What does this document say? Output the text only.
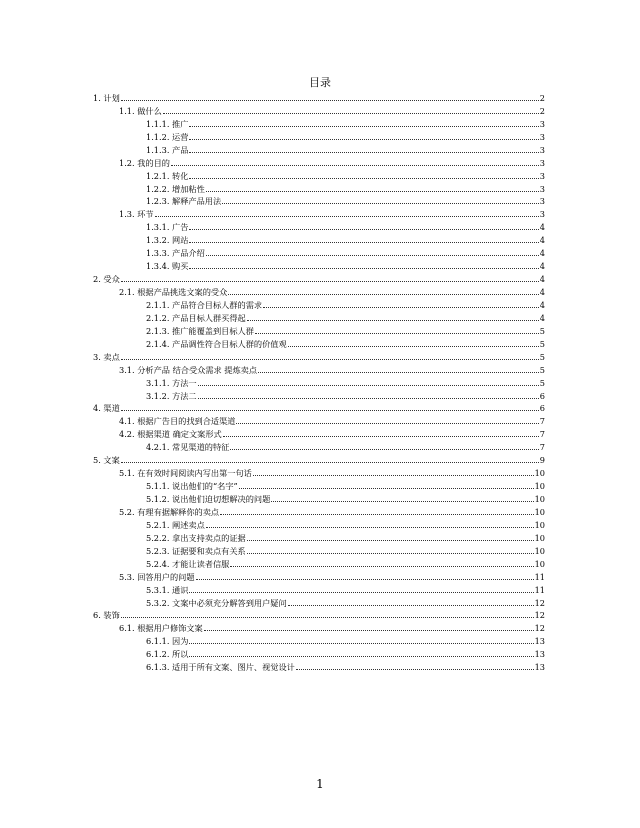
目录
1. 计划	2
1.1. 做什么	2
1.1.1. 推广	3
1.1.2. 运营	3
1.1.3. 产品	3
1.2. 我的目的	3
1.2.1. 转化	3
1.2.2. 增加粘性	3
1.2.3. 解释产品用法	3
1.3. 环节	3
1.3.1. 广告	4
1.3.2. 网站	4
1.3.3. 产品介绍	4
1.3.4. 购买	4
2. 受众	4
2.1. 根据产品挑选文案的受众	4
2.1.1. 产品符合目标人群的需求	4
2.1.2. 产品目标人群买得起	4
2.1.3. 推广能覆盖到目标人群	5
2.1.4. 产品调性符合目标人群的价值观	5
3. 卖点	5
3.1. 分析产品 结合受众需求 提炼卖点	5
3.1.1. 方法一	5
3.1.2. 方法二	6
4. 渠道	6
4.1. 根据广告目的找到合适渠道	7
4.2. 根据渠道 确定文案形式	7
4.2.1. 常见渠道的特征	7
5. 文案	9
5.1. 在有效时间阅读内写出第一句话	10
5.1.1. 说出他们的“名字”	10
5.1.2. 说出他们迫切想解决的问题	10
5.2. 有理有据解释你的卖点	10
5.2.1. 阐述卖点	10
5.2.2. 拿出支持卖点的证据	10
5.2.3. 证据要和卖点有关系	10
5.2.4. 才能让读者信服	10
5.3. 回答用户的问题	11
5.3.1. 通识	11
5.3.2. 文案中必须充分解答到用户疑问	12
6. 装饰	12
6.1. 根据用户修饰文案	12
6.1.1. 因为	13
6.1.2. 所以	13
6.1.3. 适用于所有文案、图片、视觉设计	13
1
